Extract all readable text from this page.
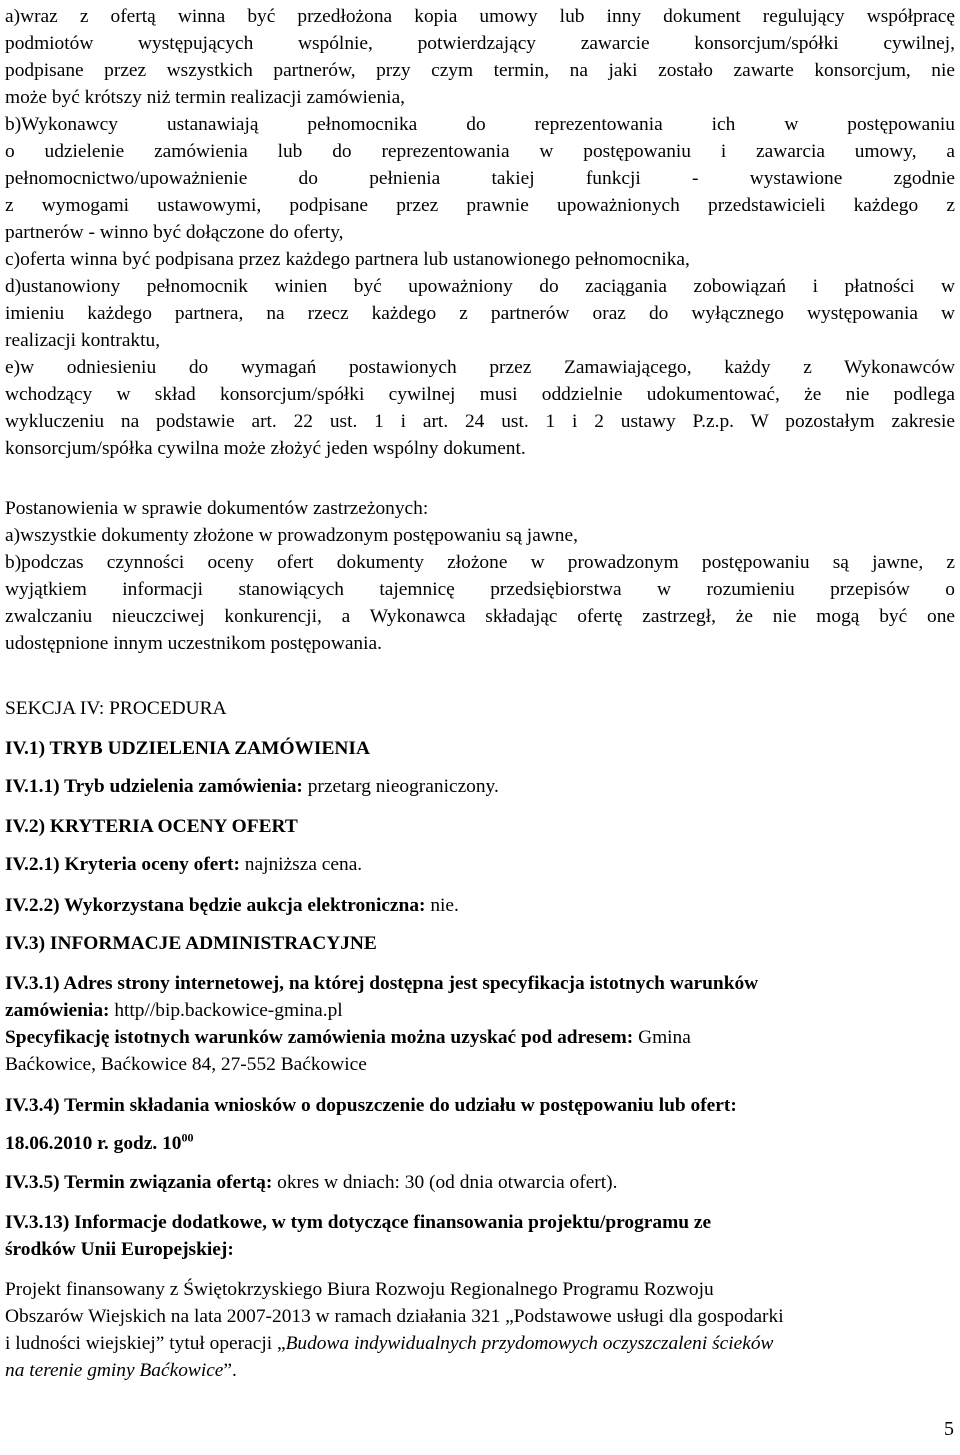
a)wraz z ofertą winna być przedłożona kopia umowy lub inny dokument regulujący współpracę
podmiotów występujących wspólnie, potwierdzający zawarcie konsorcjum/spółki cywilnej,
podpisane przez wszystkich partnerów, przy czym termin, na jaki zostało zawarte konsorcjum, nie
może być krótszy niż termin realizacji zamówienia,
b)Wykonawcy ustanawiają pełnomocnika do reprezentowania ich w postępowaniu
o udzielenie zamówienia lub do reprezentowania w postępowaniu i zawarcia umowy, a
pełnomocnictwo/upoważnienie do pełnienia takiej funkcji - wystawione zgodnie
z wymogami ustawowymi, podpisane przez prawnie upoważnionych przedstawicieli każdego z
partnerów - winno być dołączone do oferty,
c)oferta winna być podpisana przez każdego partnera lub ustanowionego pełnomocnika,
d)ustanowiony pełnomocnik winien być upoważniony do zaciągania zobowiązań i płatności w
imieniu każdego partnera, na rzecz każdego z partnerów oraz do wyłącznego występowania w
realizacji kontraktu,
e)w odniesieniu do wymagań postawionych przez Zamawiającego, każdy z Wykonawców
wchodzący w skład konsorcjum/spółki cywilnej musi oddzielnie udokumentować, że nie podlega
wykluczeniu na podstawie art. 22 ust. 1 i art. 24 ust. 1 i 2 ustawy P.z.p. W pozostałym zakresie
konsorcjum/spółka cywilna może złożyć jeden wspólny dokument.
Postanowienia w sprawie dokumentów zastrzeżonych:
a)wszystkie dokumenty złożone w prowadzonym postępowaniu są jawne,
b)podczas czynności oceny ofert dokumenty złożone w prowadzonym postępowaniu są jawne, z
wyjątkiem informacji stanowiących tajemnicę przedsiębiorstwa w rozumieniu przepisów o
zwalczaniu nieuczciwej konkurencji, a Wykonawca składając ofertę zastrzegł, że nie mogą być one
udostępnione innym uczestnikom postępowania.
SEKCJA IV: PROCEDURA
IV.1) TRYB UDZIELENIA ZAMÓWIENIA
IV.1.1) Tryb udzielenia zamówienia: przetarg nieograniczony.
IV.2) KRYTERIA OCENY OFERT
IV.2.1) Kryteria oceny ofert: najniższa cena.
IV.2.2) Wykorzystana będzie aukcja elektroniczna: nie.
IV.3) INFORMACJE ADMINISTRACYJNE
IV.3.1) Adres strony internetowej, na której dostępna jest specyfikacja istotnych warunków
zamówienia: http//bip.backowice-gmina.pl
Specyfikację istotnych warunków zamówienia można uzyskać pod adresem: Gmina
Baćkowice, Baćkowice 84, 27-552 Baćkowice
IV.3.4) Termin składania wniosków o dopuszczenie do udziału w postępowaniu lub ofert:
18.06.2010 r. godz. $10^{00}$
IV.3.5) Termin związania ofertą: okres w dniach: 30 (od dnia otwarcia ofert).
IV.3.13) Informacje dodatkowe, w tym dotyczące finansowania projektu/programu ze
środków Unii Europejskiej:
Projekt finansowany z Świętokrzyskiego Biura Rozwoju Regionalnego Programu Rozwoju
Obszarów Wiejskich na lata 2007-2013 w ramach działania 321 „Podstawowe usługi dla gospodarki
i ludności wiejskiej” tytuł operacji „Budowa indywidualnych przydomowych oczyszczaleni ścieków
na terenie gminy Baćkowice”.
5
